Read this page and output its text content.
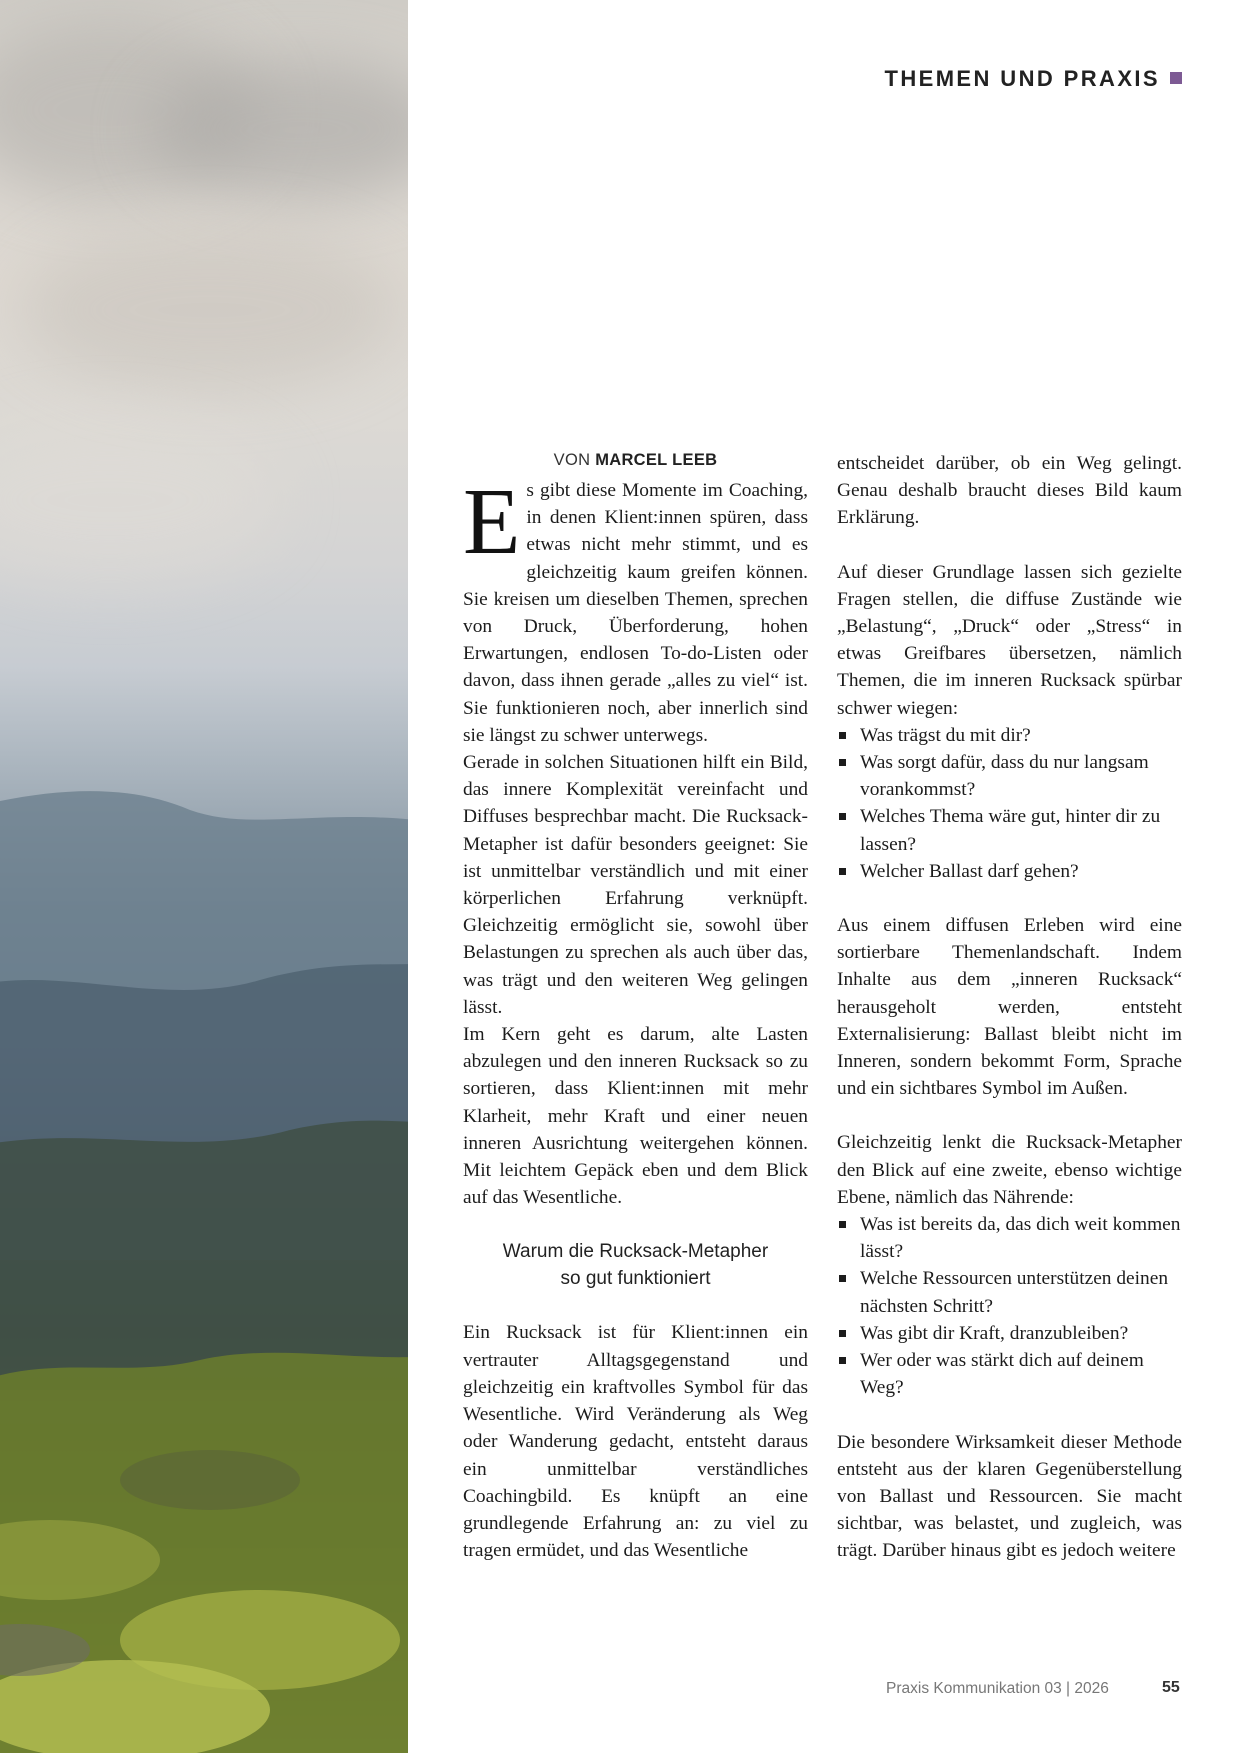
THEMEN UND PRAXIS
VON MARCEL LEEB

Es gibt diese Momente im Coaching, in denen Klient:innen spüren, dass etwas nicht mehr stimmt, und es gleichzeitig kaum greifen können. Sie kreisen um dieselben Themen, sprechen von Druck, Überforderung, hohen Erwartungen, endlosen To-do-Listen oder davon, dass ihnen gerade „alles zu viel“ ist. Sie funktionieren noch, aber innerlich sind sie längst zu schwer unterwegs.

Gerade in solchen Situationen hilft ein Bild, das innere Komplexität vereinfacht und Diffuses besprechbar macht. Die Rucksack-Metapher ist dafür besonders geeignet: Sie ist unmittelbar verständlich und mit einer körperlichen Erfahrung verknüpft. Gleichzeitig ermöglicht sie, sowohl über Belastungen zu sprechen als auch über das, was trägt und den weiteren Weg gelingen lässt.

Im Kern geht es darum, alte Lasten abzulegen und den inneren Rucksack so zu sortieren, dass Klient:innen mit mehr Klarheit, mehr Kraft und einer neuen inneren Ausrichtung weitergehen können. Mit leichtem Gepäck eben und dem Blick auf das Wesentliche.

Warum die Rucksack-Metapher
so gut funktioniert

Ein Rucksack ist für Klient:innen ein vertrauter Alltagsgegenstand und gleichzeitig ein kraftvolles Symbol für das Wesentliche. Wird Veränderung als Weg oder Wanderung gedacht, entsteht daraus ein unmittelbar verständliches Coachingbild. Es knüpft an eine grundlegende Erfahrung an: zu viel zu tragen ermüdet, und das Wesentliche

entscheidet darüber, ob ein Weg gelingt. Genau deshalb braucht dieses Bild kaum Erklärung.

Auf dieser Grundlage lassen sich gezielte Fragen stellen, die diffuse Zustände wie „Belastung“, „Druck“ oder „Stress“ in etwas Greifbares übersetzen, nämlich Themen, die im inneren Rucksack spürbar schwer wiegen:

Was trägst du mit dir?
Was sorgt dafür, dass du nur langsam vorankommst?
Welches Thema wäre gut, hinter dir zu lassen?
Welcher Ballast darf gehen?

Aus einem diffusen Erleben wird eine sortierbare Themenlandschaft. Indem Inhalte aus dem „inneren Rucksack“ herausgeholt werden, entsteht Externalisierung: Ballast bleibt nicht im Inneren, sondern bekommt Form, Sprache und ein sichtbares Symbol im Außen.

Gleichzeitig lenkt die Rucksack-Metapher den Blick auf eine zweite, ebenso wichtige Ebene, nämlich das Nährende:

Was ist bereits da, das dich weit kommen lässt?
Welche Ressourcen unterstützen deinen nächsten Schritt?
Was gibt dir Kraft, dranzubleiben?
Wer oder was stärkt dich auf deinem Weg?

Die besondere Wirksamkeit dieser Methode entsteht aus der klaren Gegenüberstellung von Ballast und Ressourcen. Sie macht sichtbar, was belastet, und zugleich, was trägt. Darüber hinaus gibt es jedoch weitere

Praxis Kommunikation 03 | 2026	55
